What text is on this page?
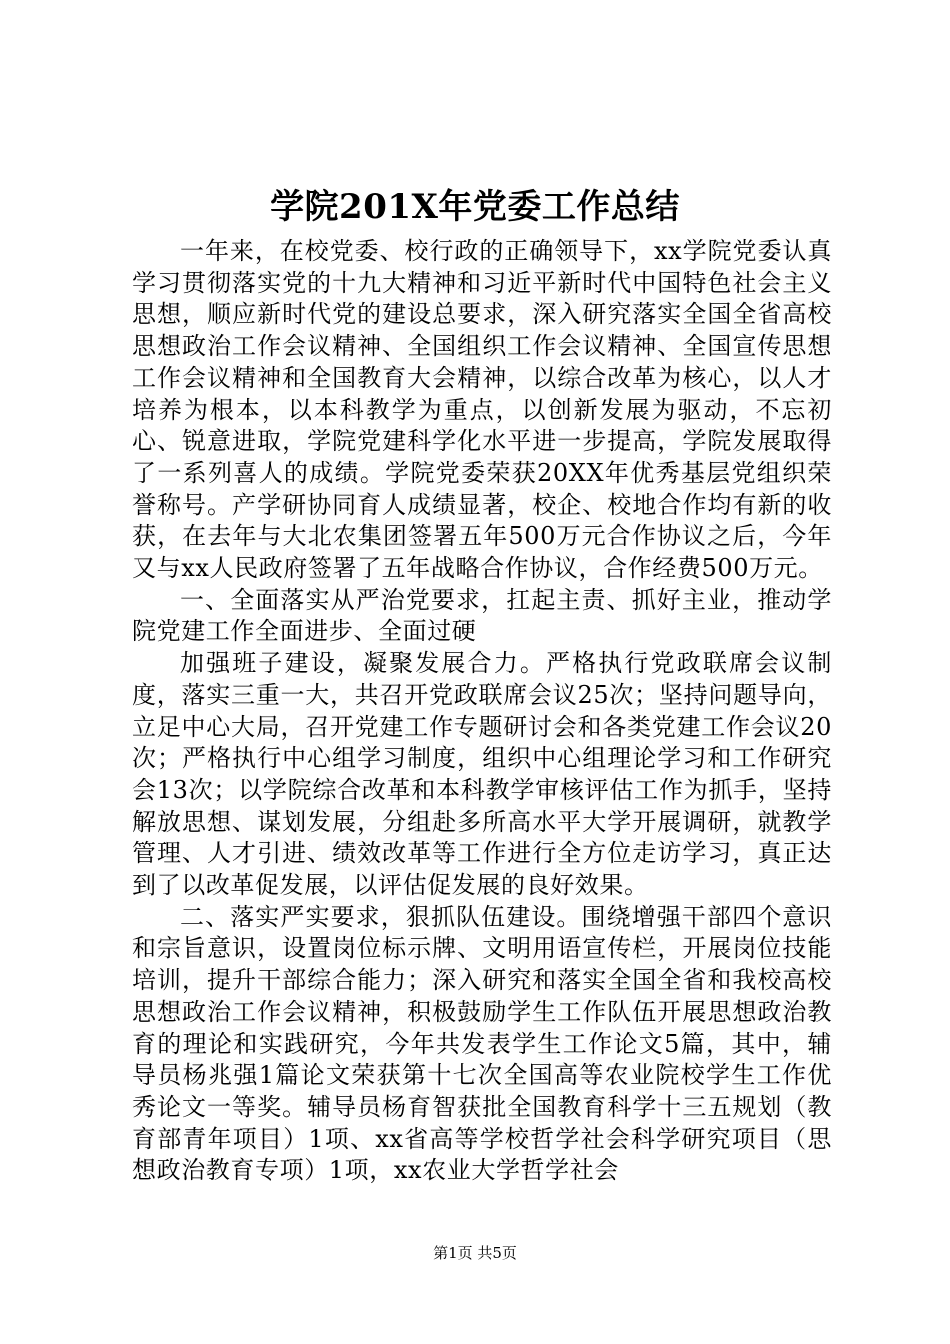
学院201X年党委工作总结

一年来，在校党委、校行政的正确领导下，xx学院党委认真学习贯彻落实党的十九大精神和习近平新时代中国特色社会主义思想，顺应新时代党的建设总要求，深入研究落实全国全省高校思想政治工作会议精神、全国组织工作会议精神、全国宣传思想工作会议精神和全国教育大会精神，以综合改革为核心，以人才培养为根本，以本科教学为重点，以创新发展为驱动，不忘初心、锐意进取，学院党建科学化水平进一步提高，学院发展取得了一系列喜人的成绩。学院党委荣获20XX年优秀基层党组织荣誉称号。产学研协同育人成绩显著，校企、校地合作均有新的收获，在去年与大北农集团签署五年500万元合作协议之后，今年又与xx人民政府签署了五年战略合作协议，合作经费500万元。

一、全面落实从严治党要求，扛起主责、抓好主业，推动学院党建工作全面进步、全面过硬

加强班子建设，凝聚发展合力。严格执行党政联席会议制度，落实三重一大，共召开党政联席会议25次；坚持问题导向，立足中心大局，召开党建工作专题研讨会和各类党建工作会议20次；严格执行中心组学习制度，组织中心组理论学习和工作研究会13次；以学院综合改革和本科教学审核评估工作为抓手，坚持解放思想、谋划发展，分组赴多所高水平大学开展调研，就教学管理、人才引进、绩效改革等工作进行全方位走访学习，真正达到了以改革促发展，以评估促发展的良好效果。

二、落实严实要求，狠抓队伍建设。围绕增强干部四个意识和宗旨意识，设置岗位标示牌、文明用语宣传栏，开展岗位技能培训，提升干部综合能力；深入研究和落实全国全省和我校高校思想政治工作会议精神，积极鼓励学生工作队伍开展思想政治教育的理论和实践研究，今年共发表学生工作论文5篇，其中，辅导员杨兆强1篇论文荣获第十七次全国高等农业院校学生工作优秀论文一等奖。辅导员杨育智获批全国教育科学十三五规划（教育部青年项目）1项、xx省高等学校哲学社会科学研究项目（思想政治教育专项）1项，xx农业大学哲学社会

第1页 共5页
